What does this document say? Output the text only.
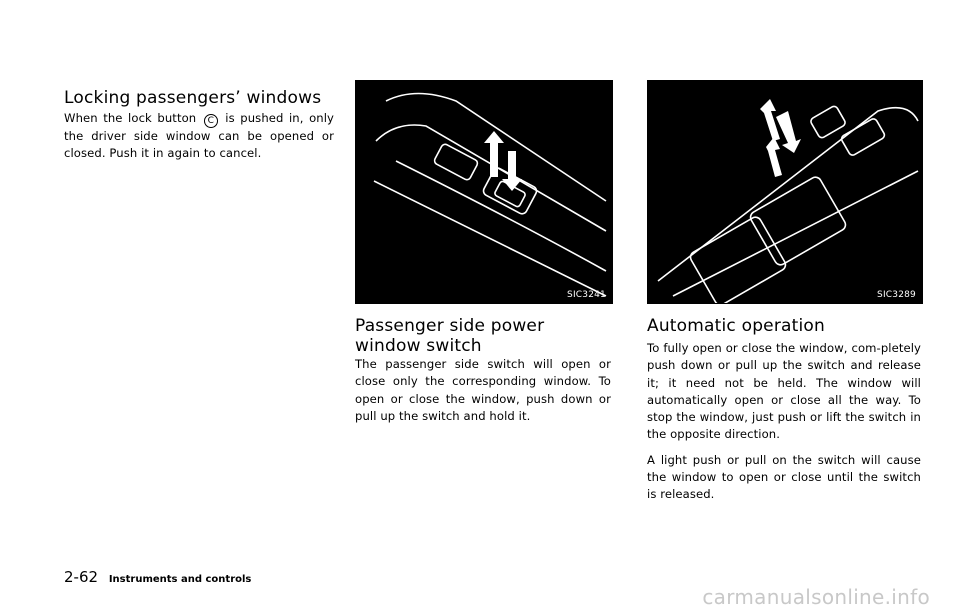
Locking passengers’ windows
When the lock button C is pushed in, only the driver side window can be opened or closed. Push it in again to cancel.
SIC3241
Passenger side power window switch

The passenger side switch will open or close only the corresponding window. To open or close the window, push down or pull up the switch and hold it.

SIC3289
Automatic operation

To fully open or close the window, com-pletely push down or pull up the switch and release it; it need not be held. The window will automatically open or close all the way. To stop the window, just push or lift the switch in the opposite direction.

A light push or pull on the switch will cause the window to open or close until the switch is released.

2-62 Instruments and controls
carmanualsonline.info
